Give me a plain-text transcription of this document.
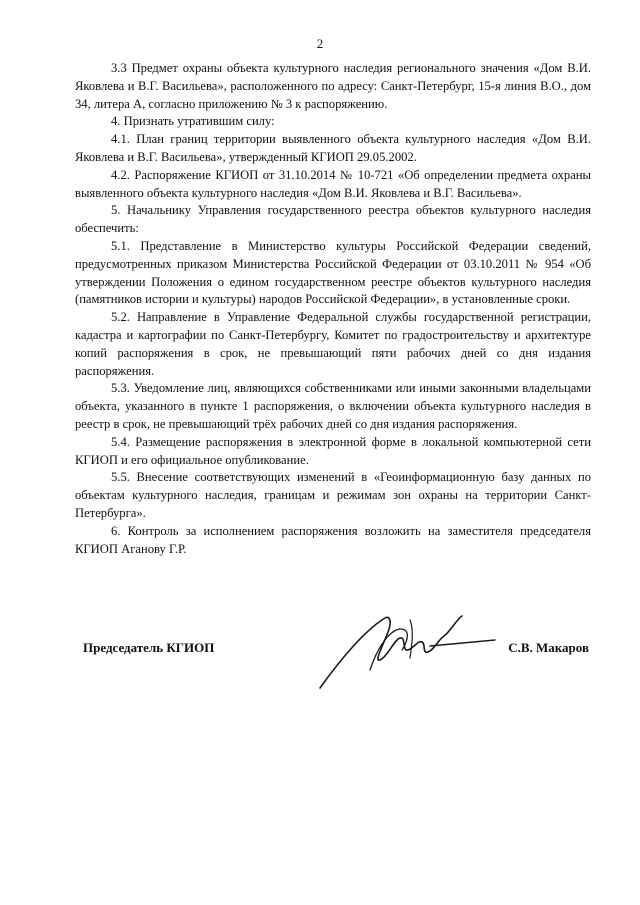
2

3.3 Предмет охраны объекта культурного наследия регионального значения «Дом В.И. Яковлева и В.Г. Васильева», расположенного по адресу: Санкт-Петербург, 15-я линия В.О., дом 34, литера А, согласно приложению № 3 к распоряжению.

4. Признать утратившим силу:

4.1. План границ территории выявленного объекта культурного наследия «Дом В.И. Яковлева и В.Г. Васильева», утвержденный КГИОП 29.05.2002.

4.2. Распоряжение КГИОП от 31.10.2014 № 10-721 «Об определении предмета охраны выявленного объекта культурного наследия «Дом В.И. Яковлева и В.Г. Васильева».

5. Начальнику Управления государственного реестра объектов культурного наследия обеспечить:

5.1. Представление в Министерство культуры Российской Федерации сведений, предусмотренных приказом Министерства Российской Федерации от 03.10.2011 № 954 «Об утверждении Положения о едином государственном реестре объектов культурного наследия (памятников истории и культуры) народов Российской Федерации», в установленные сроки.

5.2. Направление в Управление Федеральной службы государственной регистрации, кадастра и картографии по Санкт-Петербургу, Комитет по градостроительству и архитектуре копий распоряжения в срок, не превышающий пяти рабочих дней со дня издания распоряжения.

5.3. Уведомление лиц, являющихся собственниками или иными законными владельцами объекта, указанного в пункте 1 распоряжения, о включении объекта культурного наследия в реестр в срок, не превышающий трёх рабочих дней со дня издания распоряжения.

5.4. Размещение распоряжения в электронной форме в локальной компьютерной сети КГИОП и его официальное опубликование.

5.5. Внесение соответствующих изменений в «Геоинформационную базу данных по объектам культурного наследия, границам и режимам зон охраны на территории Санкт-Петербурга».

6. Контроль за исполнением распоряжения возложить на заместителя председателя КГИОП Аганову Г.Р.

Председатель КГИОП	С.В. Макаров
